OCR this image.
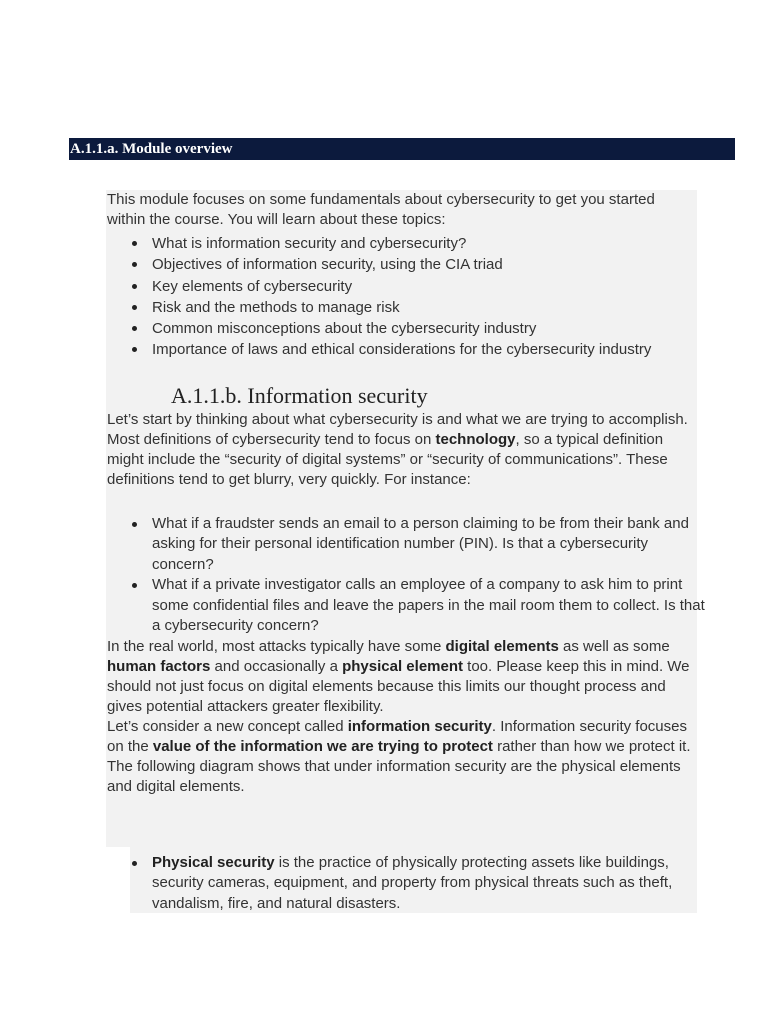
A.1.1.a. Module overview
This module focuses on some fundamentals about cybersecurity to get you started within the course. You will learn about these topics:
What is information security and cybersecurity?
Objectives of information security, using the CIA triad
Key elements of cybersecurity
Risk and the methods to manage risk
Common misconceptions about the cybersecurity industry
Importance of laws and ethical considerations for the cybersecurity industry
A.1.1.b. Information security
Let’s start by thinking about what cybersecurity is and what we are trying to accomplish. Most definitions of cybersecurity tend to focus on technology, so a typical definition might include the “security of digital systems” or “security of communications”. These definitions tend to get blurry, very quickly. For instance:
What if a fraudster sends an email to a person claiming to be from their bank and asking for their personal identification number (PIN). Is that a cybersecurity concern?
What if a private investigator calls an employee of a company to ask him to print some confidential files and leave the papers in the mail room them to collect. Is that a cybersecurity concern?
In the real world, most attacks typically have some digital elements as well as some human factors and occasionally a physical element too. Please keep this in mind. We should not just focus on digital elements because this limits our thought process and gives potential attackers greater flexibility.
Let’s consider a new concept called information security. Information security focuses on the value of the information we are trying to protect rather than how we protect it. The following diagram shows that under information security are the physical elements and digital elements.
Physical security is the practice of physically protecting assets like buildings, security cameras, equipment, and property from physical threats such as theft, vandalism, fire, and natural disasters.
